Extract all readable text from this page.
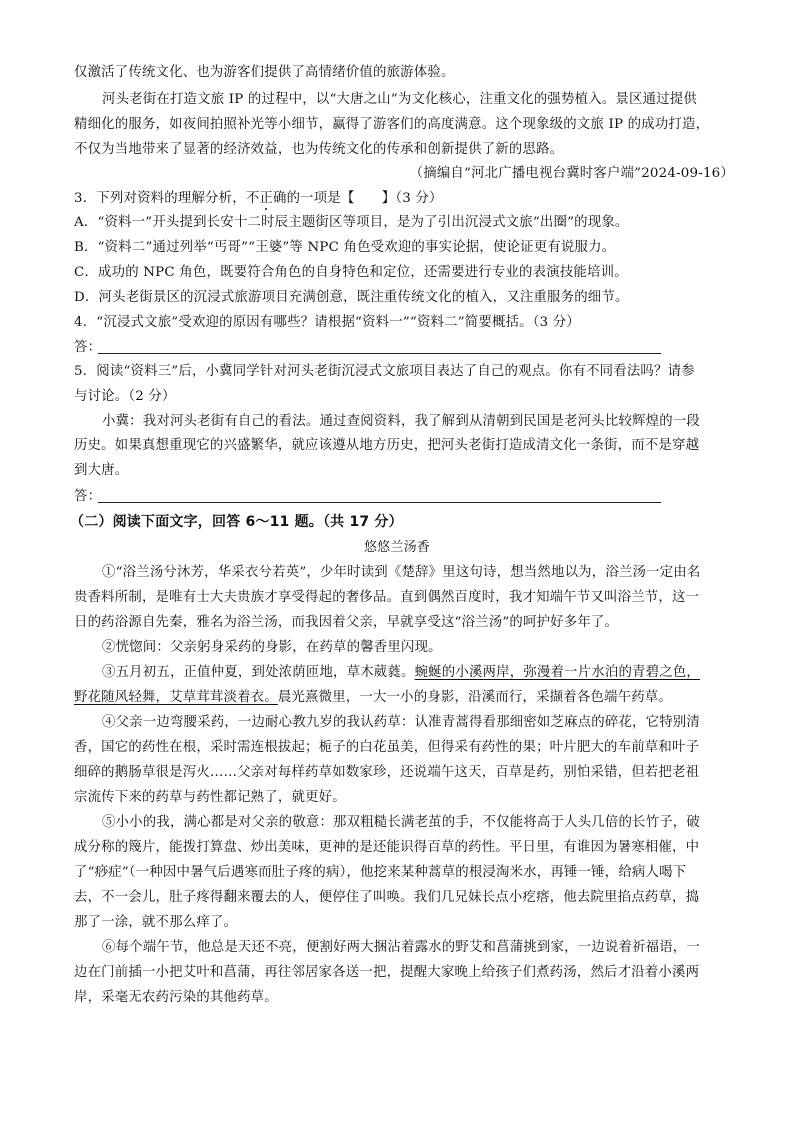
仅激活了传统文化、也为游客们提供了高情绪价值的旅游体验。
河头老街在打造文旅 IP 的过程中，以“大唐之山”为文化核心，注重文化的强势植入。景区通过提供
精细化的服务，如夜间拍照补光等小细节，赢得了游客们的高度满意。这个现象级的文旅 IP 的成功打造，
不仅为当地带来了显著的经济效益，也为传统文化的传承和创新提供了新的思路。
（摘编自“河北广播电视台冀时客户端”2024-09-16）
3．下列对资料的理解分析，不正确的一项是【　　】（3 分）
A．“资料一”开头提到长安十二时辰主题街区等项目，是为了引出沉浸式文旅“出圈”的现象。
B．“资料二”通过列举“丐哥”“王婆”等 NPC 角色受欢迎的事实论据，使论证更有说服力。
C．成功的 NPC 角色，既要符合角色的自身特色和定位，还需要进行专业的表演技能培训。
D．河头老街景区的沉浸式旅游项目充满创意，既注重传统文化的植入，又注重服务的细节。
4．“沉浸式文旅”受欢迎的原因有哪些？请根据“资料一”“资料二”简要概括。（3 分）
答：
5．阅读“资料三”后，小冀同学针对河头老街沉浸式文旅项目表达了自己的观点。你有不同看法吗？请参
与讨论。（2 分）
小冀：我对河头老街有自己的看法。通过查阅资料，我了解到从清朝到民国是老河头比较辉煌的一段
历史。如果真想重现它的兴盛繁华，就应该遵从地方历史，把河头老街打造成清文化一条街，而不是穿越
到大唐。
答：
（二）阅读下面文字，回答 6～11 题。（共 17 分）
悠悠兰汤香
①“浴兰汤兮沐芳，华采衣兮若英”，少年时读到《楚辞》里这句诗，想当然地以为，浴兰汤一定由名
贵香料所制，是唯有士大夫贵族才享受得起的奢侈品。直到偶然百度时，我才知端午节又叫浴兰节，这一
日的药浴源自先秦，雅名为浴兰汤，而我因着父亲，早就享受这“浴兰汤”的呵护好多年了。
②恍惚间：父亲躬身采药的身影，在药草的馨香里闪现。
③五月初五，正值仲夏，到处浓荫匝地，草木葳蕤。蜿蜒的小溪两岸，弥漫着一片水泊的青碧之色，
野花随风轻舞，艾草茸茸淡着衣。晨光熹微里，一大一小的身影，沿溪而行，采撷着各色端午药草。
④父亲一边弯腰采药，一边耐心教九岁的我认药草：认准青蒿得看那细密如芝麻点的碎花，它特别清
香，国它的药性在根，采时需连根拔起；栀子的白花虽美，但得采有药性的果；叶片肥大的车前草和叶子
细碎的鹅肠草很是泻火……父亲对每样药草如数家珍，还说端午这天，百草是药，别怕采错，但若把老祖
宗流传下来的药草与药性都记熟了，就更好。
⑤小小的我，满心都是对父亲的敬意：那双粗糙长满老茧的手，不仅能将高于人头几倍的长竹子，破
成分称的篾片，能拨打算盘、炒出美味，更神的是还能识得百草的药性。平日里，有谁因为暑寒相催，中
了“痧症”（一种因中暑气后遇寒而肚子疼的病），他挖来某种蒿草的根浸淘米水，再锤一锤，给病人喝下
去，不一会儿，肚子疼得翻来覆去的人，便停住了叫唤。我们几兄妹长点小疙瘩，他去院里掐点药草，捣
那了一涂，就不那么痒了。
⑥每个端午节，他总是天还不亮，便割好两大捆沾着露水的野艾和菖蒲挑到家，一边说着祈福语，一
边在门前插一小把艾叶和菖蒲，再往邻居家各送一把，提醒大家晚上给孩子们煮药汤，然后才沿着小溪两
岸，采毫无农药污染的其他药草。
